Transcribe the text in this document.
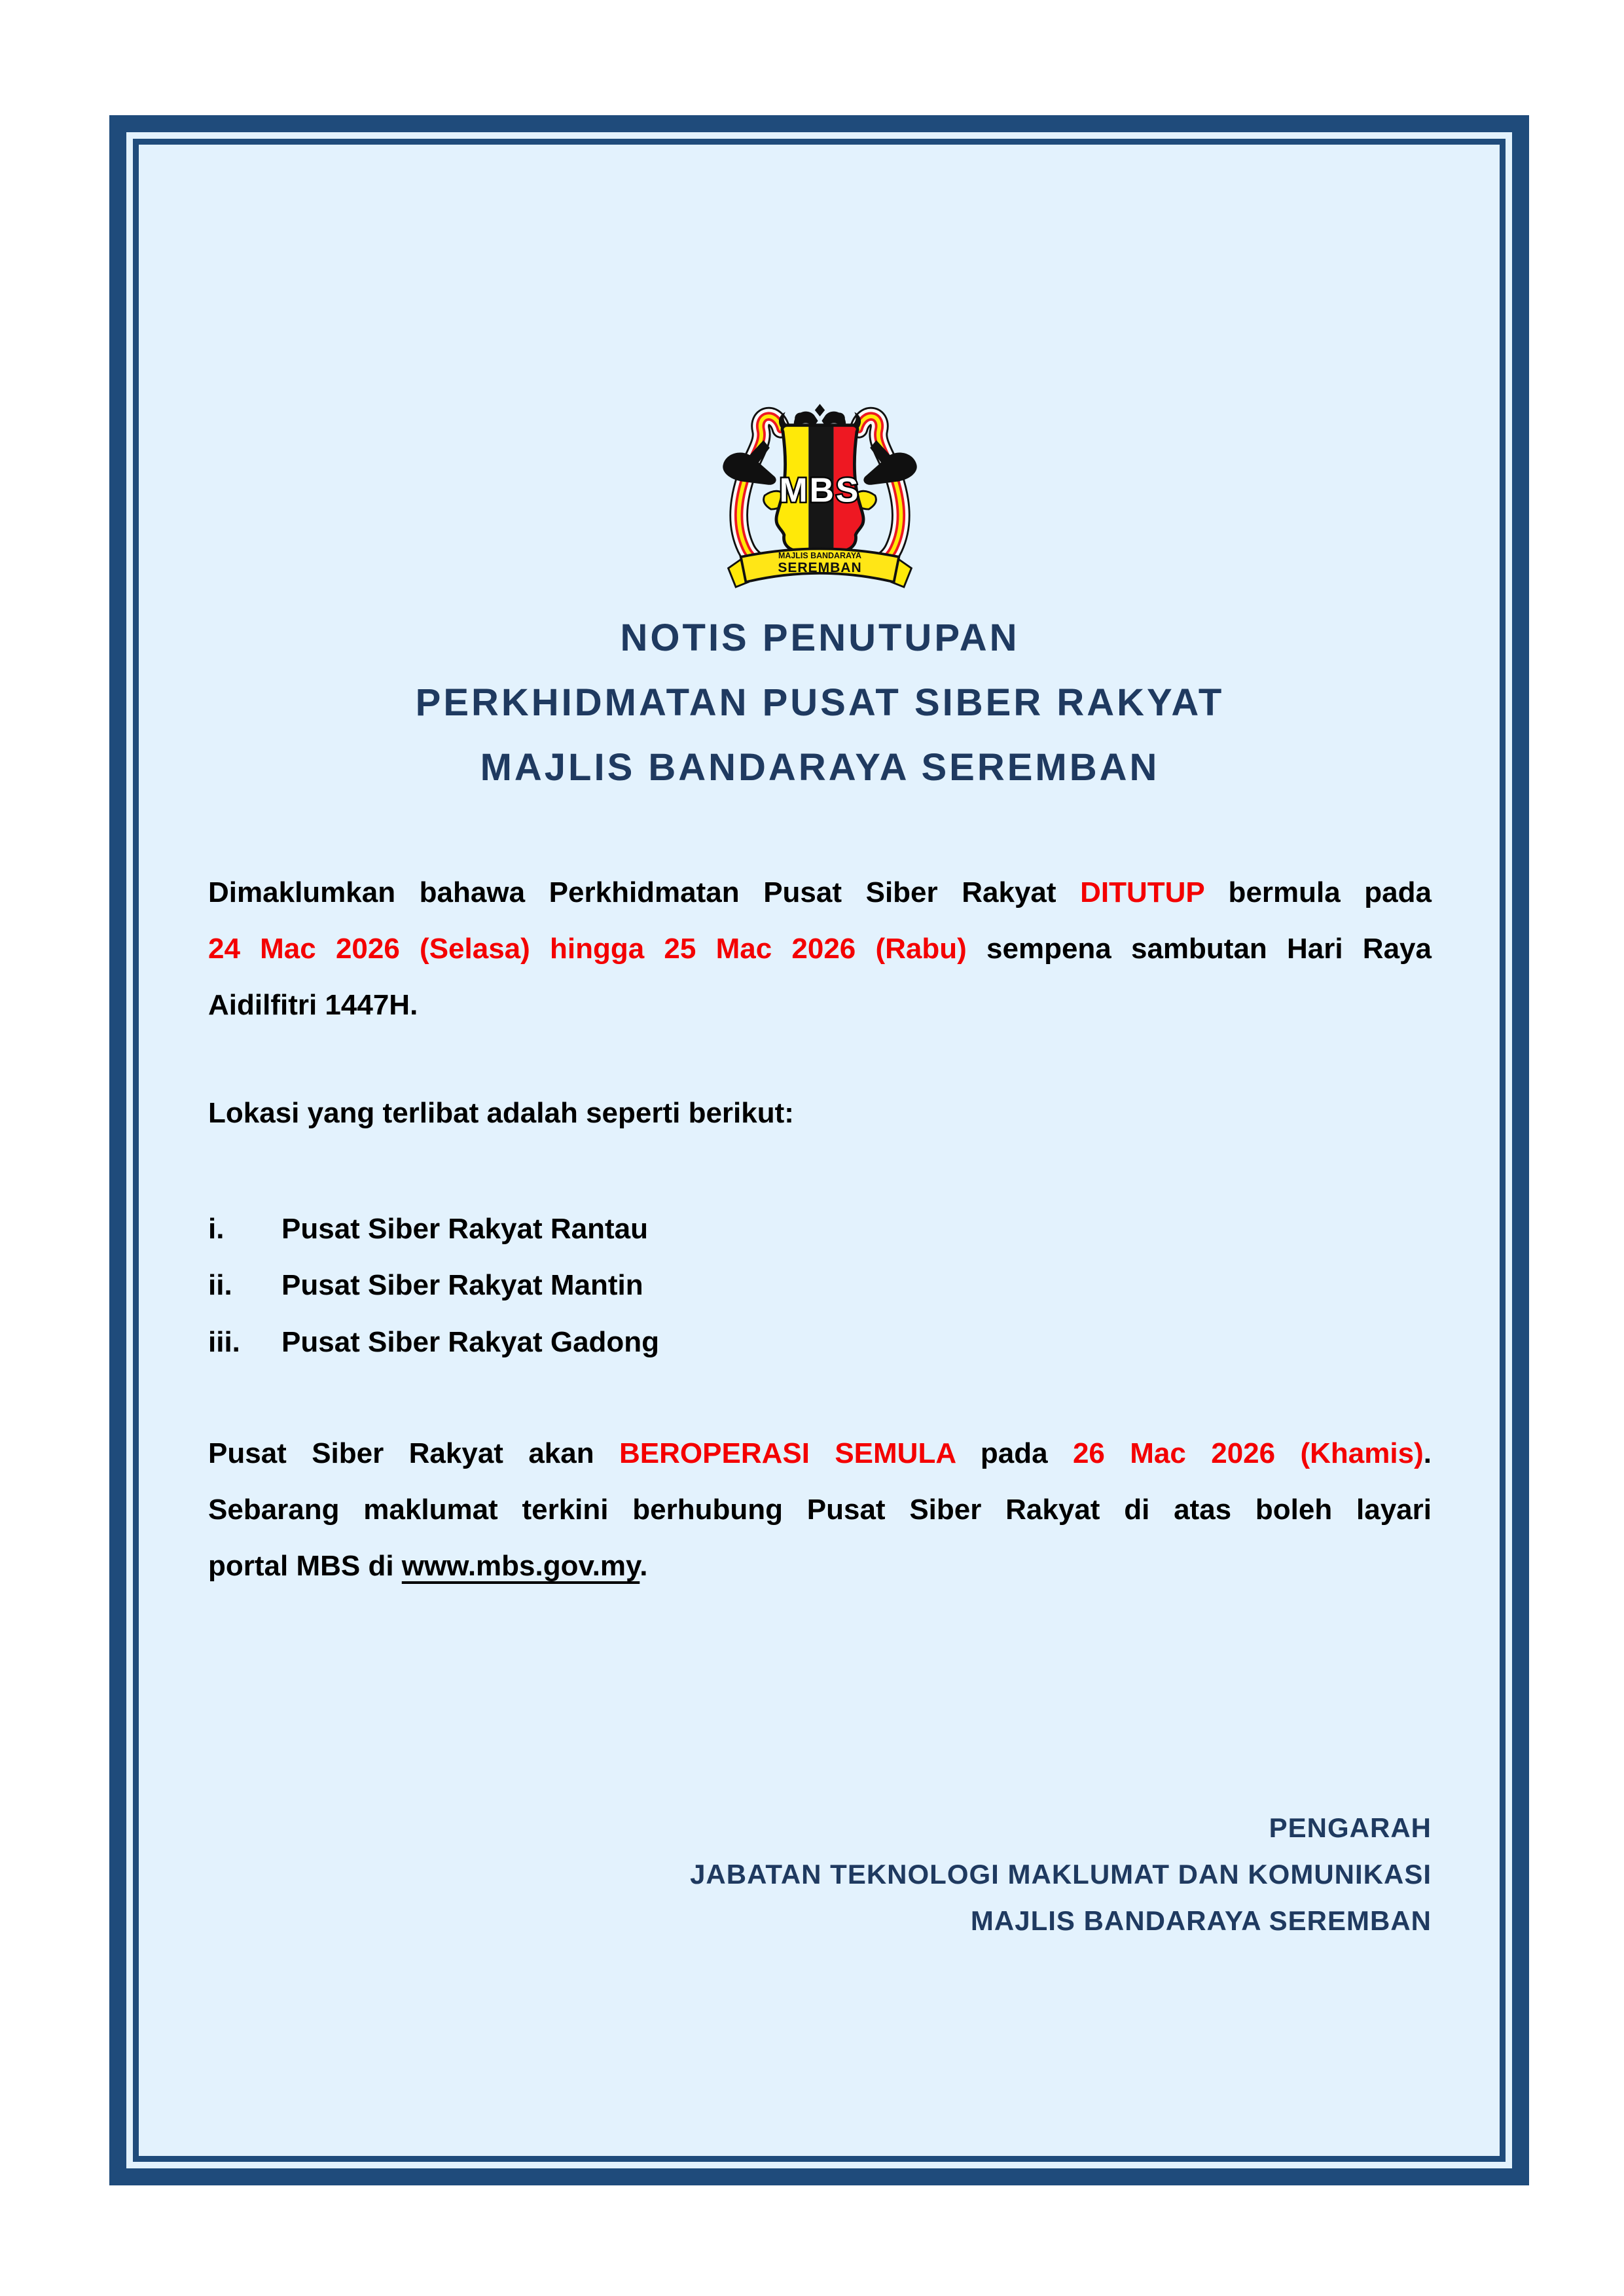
MBS
MAJLIS BANDARAYA
SEREMBAN
NOTIS PENUTUPAN
PERKHIDMATAN PUSAT SIBER RAKYAT
MAJLIS BANDARAYA SEREMBAN
Dimaklumkan bahawa Perkhidmatan Pusat Siber Rakyat DITUTUP bermula pada
24 Mac 2026 (Selasa) hingga 25 Mac 2026 (Rabu) sempena sambutan Hari Raya
Aidilfitri 1447H.

Lokasi yang terlibat adalah seperti berikut:

i.	Pusat Siber Rakyat Rantau
ii.	Pusat Siber Rakyat Mantin
iii.	Pusat Siber Rakyat Gadong
Pusat Siber Rakyat akan BEROPERASI SEMULA pada 26 Mac 2026 (Khamis).
Sebarang maklumat terkini berhubung Pusat Siber Rakyat di atas boleh layari
portal MBS di www.mbs.gov.my.
PENGARAH
JABATAN TEKNOLOGI MAKLUMAT DAN KOMUNIKASI
MAJLIS BANDARAYA SEREMBAN
